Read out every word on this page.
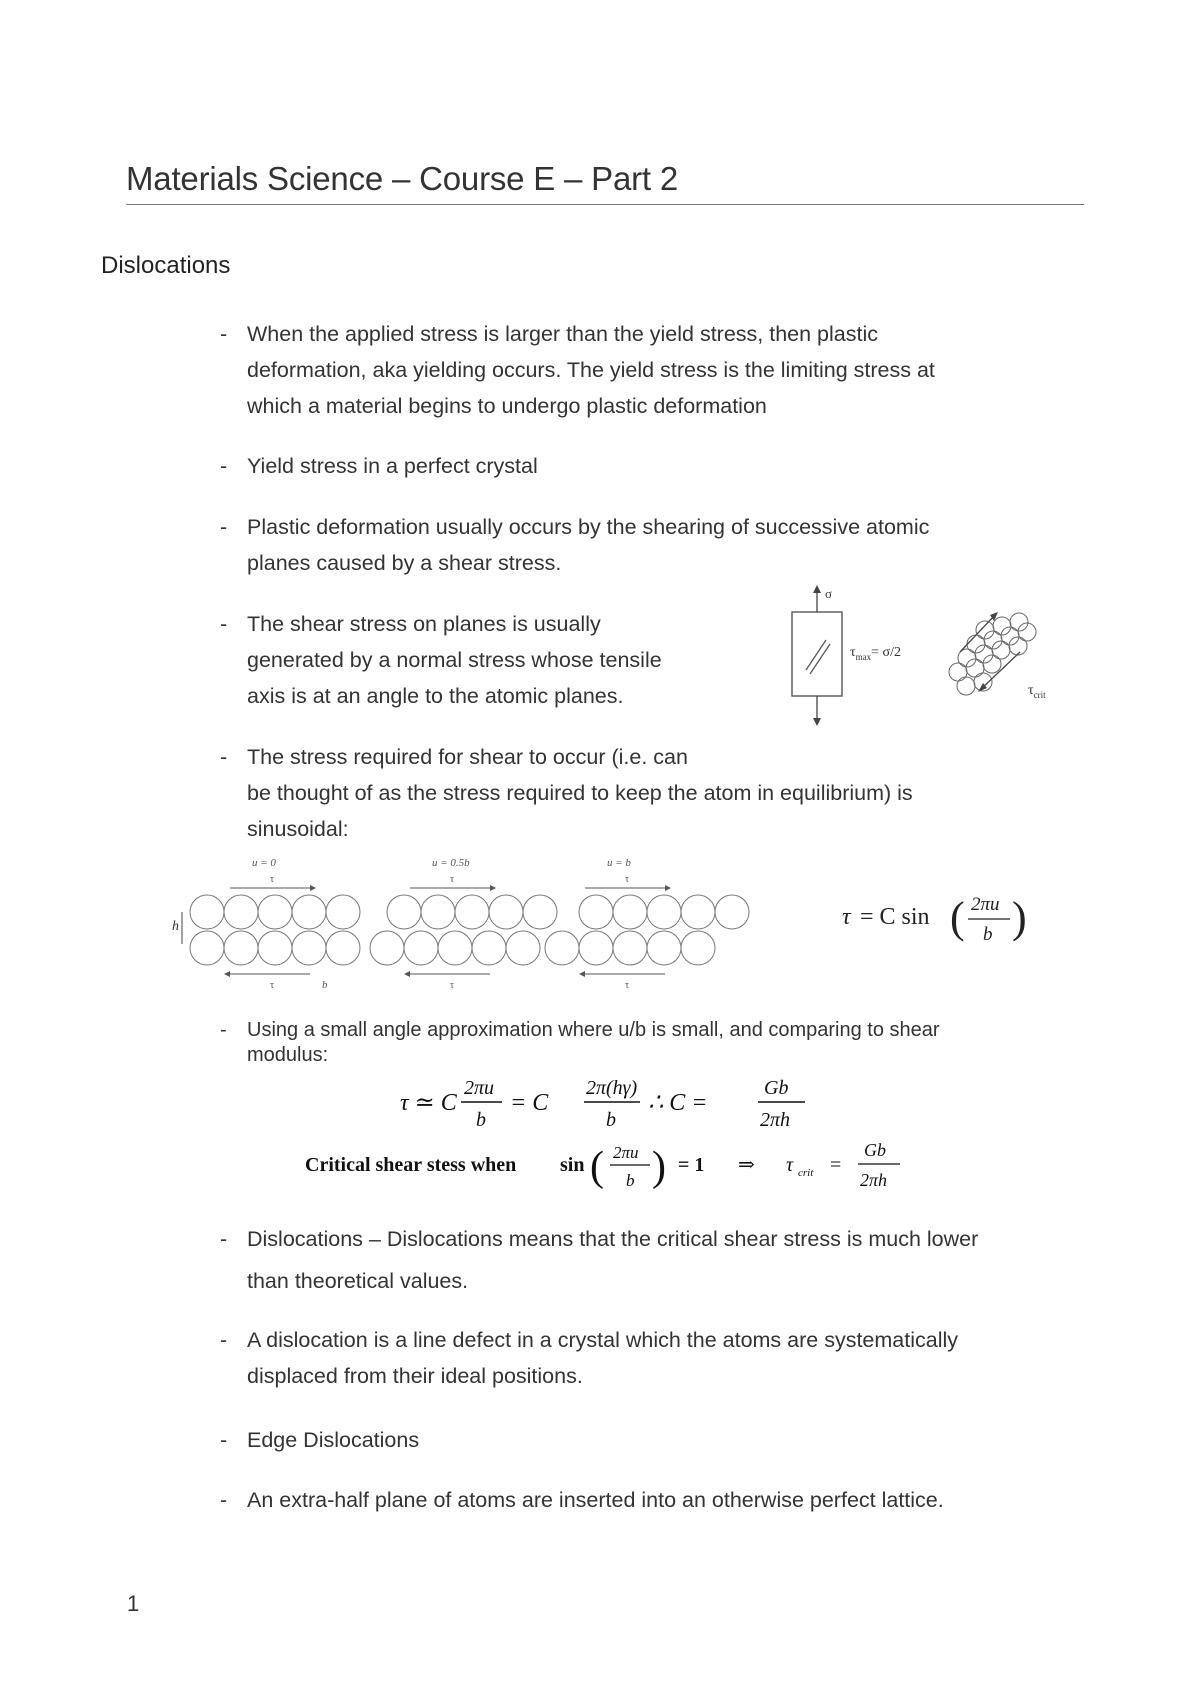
Materials Science – Course E – Part 2
Dislocations
- When the applied stress is larger than the yield stress, then plastic
deformation, aka yielding occurs. The yield stress is the limiting stress at
which a material begins to undergo plastic deformation
- Yield stress in a perfect crystal
- Plastic deformation usually occurs by the shearing of successive atomic
planes caused by a shear stress.
- The shear stress on planes is usually
generated by a normal stress whose tensile
axis is at an angle to the atomic planes.
σ
$\tau_{max}= \sigma/2$
$\tau_{crit}$
- The stress required for shear to occur (i.e. can
be thought of as the stress required to keep the atom in equilibrium) is
sinusoidal:
u = 0
τ
τ	b
u = 0.5b
τ
τ
u = b
τ
τ
h	τ = C sin ( 2πu
b )
- Using a small angle approximation where u/b is small, and comparing to shear
modulus:
τ ≃ C
2πu
b
= C
2π(hγ)
b
∴ C =
Gb
2πh
Critical shear stess when sin ( 2πu
b ) = 1 ⇒ τ crit =
Gb
2πh
- Dislocations – Dislocations means that the critical shear stress is much lower
than theoretical values.
- A dislocation is a line defect in a crystal which the atoms are systematically
displaced from their ideal positions.
- Edge Dislocations
- An extra-half plane of atoms are inserted into an otherwise perfect lattice.
1
